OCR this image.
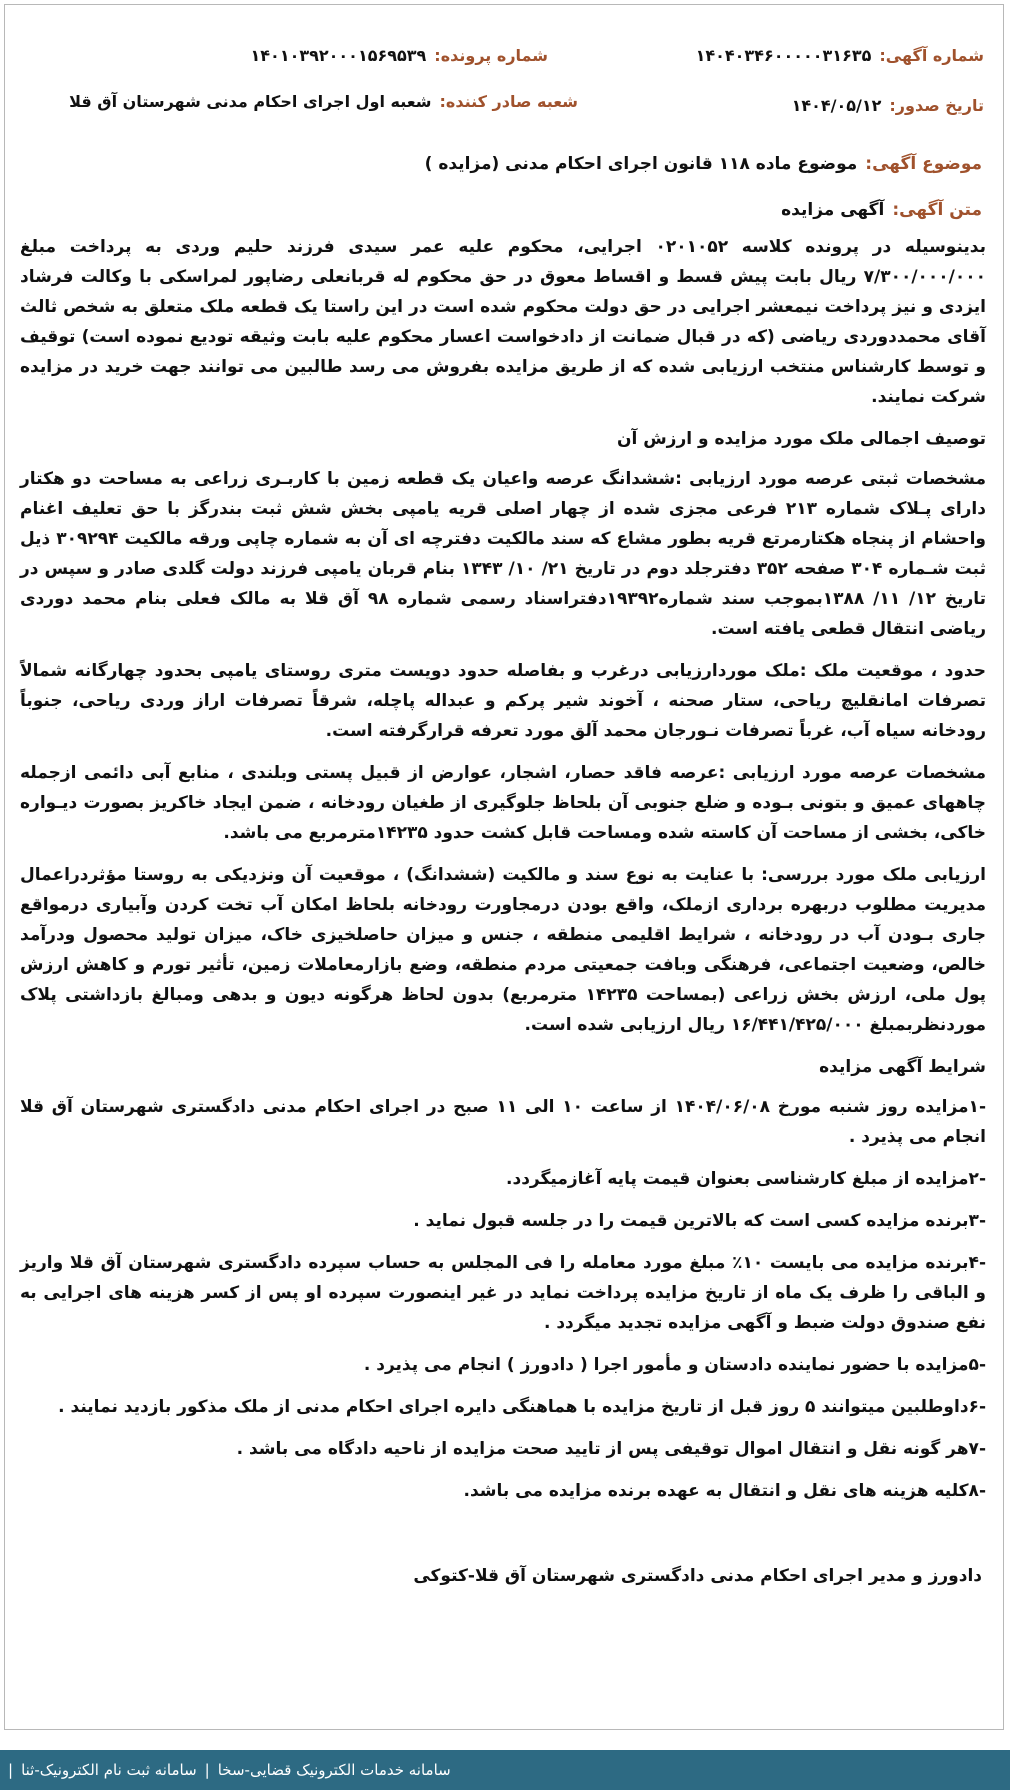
شماره آگهی:۱۴۰۴۰۳۴۶۰۰۰۰۰۳۱۶۳۵
شماره پرونده:۱۴۰۱۰۳۹۲۰۰۰۱۵۶۹۵۳۹
تاریخ صدور:۱۴۰۴/۰۵/۱۲
شعبه صادر کننده:شعبه اول اجرای احکام مدنی شهرستان آق قلا
موضوع آگهی:موضوع ماده ۱۱۸ قانون اجرای احکام مدنی (مزایده )
متن آگهی:آگهی مزایده

بدینوسیله در پرونده کلاسه ۰۲۰۱۰۵۲ اجرایی، محکوم علیه عمر سیدی فرزند حلیم وردی به پرداخت مبلغ ۷/۳۰۰/۰۰۰/۰۰۰ ریال بابت پیش قسط و اقساط معوق در حق محکوم له قربانعلی رضاپور لمراسکی با وکالت فرشاد ایزدی و نیز پرداخت نیمعشر اجرایی در حق دولت محکوم شده است در این راستا یک قطعه ملک متعلق به شخص ثالث آقای محمددوردی ریاضی (که در قبال ضمانت از دادخواست اعسار محکوم علیه بابت وثیقه تودیع نموده است) توقیف و توسط کارشناس منتخب ارزیابی شده که از طریق مزایده بفروش می رسد طالبین می توانند جهت خرید در مزایده شرکت نمایند.

توصیف اجمالی ملک مورد مزایده و ارزش آن

مشخصات ثبتی عرصه مورد ارزیابی :ششدانگ عرصه واعیان یک قطعه زمین با کاربـری زراعی به مساحت دو هکتار دارای پـلاک شماره ۲۱۳ فرعی مجزی شده از چهار اصلی قریه یامپی بخش شش ثبت بندرگز با حق تعلیف اغنام واحشام از پنجاه هکتارمرتع قریه بطور مشاع که سند مالکیت دفترچه ای آن به شماره چاپی ورقه مالکیت ۳۰۹۲۹۴ ذیل ثبت شـماره ۳۰۴ صفحه ۳۵۲ دفترجلد دوم در تاریخ ۲۱/ ۱۰/ ۱۳۴۳ بنام قربان یامپی فرزند دولت گلدی صادر و سپس در تاریخ ۱۲/ ۱۱/ ۱۳۸۸بموجب سند شماره۱۹۳۹۲دفتراسناد رسمی شماره ۹۸ آق قلا به مالک فعلی بنام محمد دوردی ریاضی انتقال قطعی یافته است.

حدود ، موقعیت ملک :ملک موردارزیابی درغرب و بفاصله حدود دویست متری روستای یامپی بحدود چهارگانه شمالاً تصرفات امانقلیچ ریاحی، ستار صحنه ، آخوند شیر پرکم و عبداله پاچله، شرقاً تصرفات اراز وردی ریاحی، جنوباً رودخانه سیاه آب، غرباً تصرفات نـورجان محمد آلق مورد تعرفه قرارگرفته است.

مشخصات عرصه مورد ارزیابی :عرصه فاقد حصار، اشجار، عوارض از قبیل پستی وبلندی ، منابع آبی دائمی ازجمله چاههای عمیق و بتونی بـوده و ضلع جنوبی آن بلحاظ جلوگیری از طغیان رودخانه ، ضمن ایجاد خاکریز بصورت دیـواره خاکی، بخشی از مساحت آن کاسته شده ومساحت قابل کشت حدود ۱۴۲۳۵مترمربع می باشد.

ارزیابی ملک مورد بررسی: با عنایت به نوع سند و مالکیت (ششدانگ) ، موقعیت آن ونزدیکی به روستا مؤثردراعمال مدیریت مطلوب دربهره برداری ازملک، واقع بودن درمجاورت رودخانه بلحاظ امکان آب تخت کردن وآبیاری درمواقع جاری بـودن آب در رودخانه ، شرایط اقلیمی منطقه ، جنس و میزان حاصلخیزی خاک، میزان تولید محصول ودرآمد خالص، وضعیت اجتماعی، فرهنگی وبافت جمعیتی مردم منطقه، وضع بازارمعاملات زمین، تأثیر تورم و کاهش ارزش پول ملی، ارزش بخش زراعی (بمساحت ۱۴۲۳۵ مترمربع) بدون لحاظ هرگونه دیون و بدهی ومبالغ بازداشتی پلاک موردنظربمبلغ ۱۶/۴۴۱/۴۲۵/۰۰۰ ریال ارزیابی شده است.

شرایط آگهی مزایده
-۱مزایده روز شنبه مورخ ۱۴۰۴/۰۶/۰۸ از ساعت ۱۰ الی ۱۱ صبح در اجرای احکام مدنی دادگستری شهرستان آق قلا انجام می پذیرد .
-۲مزایده از مبلغ کارشناسی بعنوان قیمت پایه آغازمیگردد.
-۳برنده مزایده کسی است که بالاترین قیمت را در جلسه قبول نماید .
-۴برنده مزایده می بایست ۱۰٪ مبلغ مورد معامله را فی المجلس به حساب سپرده دادگستری شهرستان آق قلا واریز و الباقی را ظرف یک ماه از تاریخ مزایده پرداخت نماید در غیر اینصورت سپرده او پس از کسر هزینه های اجرایی به نفع صندوق دولت ضبط و آگهی مزایده تجدید میگردد .
-۵مزایده با حضور نماینده دادستان و مأمور اجرا ( دادورز ) انجام می پذیرد .
-۶داوطلبین میتوانند ۵ روز قبل از تاریخ مزایده با هماهنگی دایره اجرای احکام مدنی از ملک مذکور بازدید نمایند .
-۷هر گونه نقل و انتقال اموال توقیفی پس از تایید صحت مزایده از ناحیه دادگاه می باشد .
-۸کلیه هزینه های نقل و انتقال به عهده برنده مزایده می باشد.
دادورز و مدیر اجرای احکام مدنی دادگستری شهرستان آق قلا-کتوکی
سامانه خدمات الکترونیک قضایی-سخا
|
سامانه ثبت نام الکترونیک-ثنا
|
